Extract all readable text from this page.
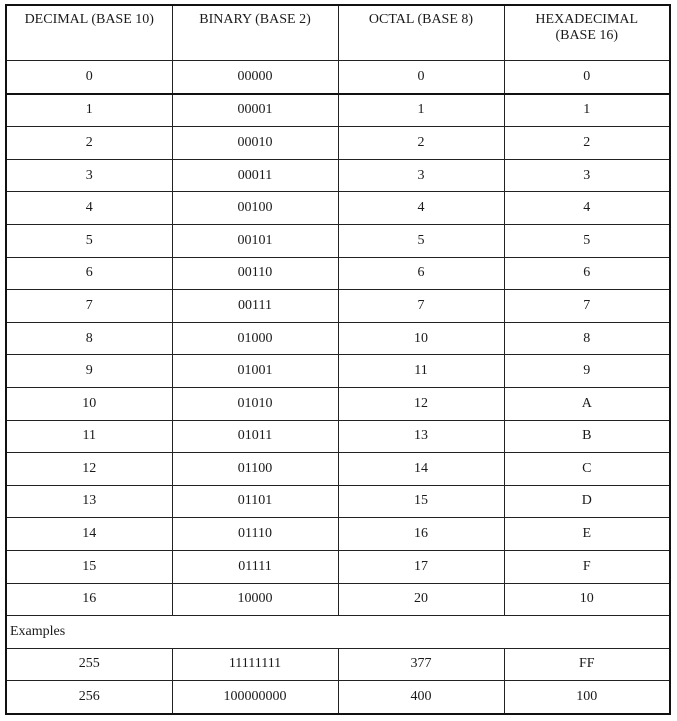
DECIMAL (BASE 10)	BINARY (BASE 2)	OCTAL (BASE 8)	HEXADECIMAL
(BASE 16)

0	00000	0	0
1	00001	1	1
2	00010	2	2
3	00011	3	3
4	00100	4	4
5	00101	5	5
6	00110	6	6
7	00111	7	7
8	01000	10	8
9	01001	11	9
10	01010	12	A
11	01011	13	B
12	01100	14	C
13	01101	15	D
14	01110	16	E
15	01111	17	F
16	10000	20	10
Examples			
255	11111111	377	FF
256	100000000	400	100
